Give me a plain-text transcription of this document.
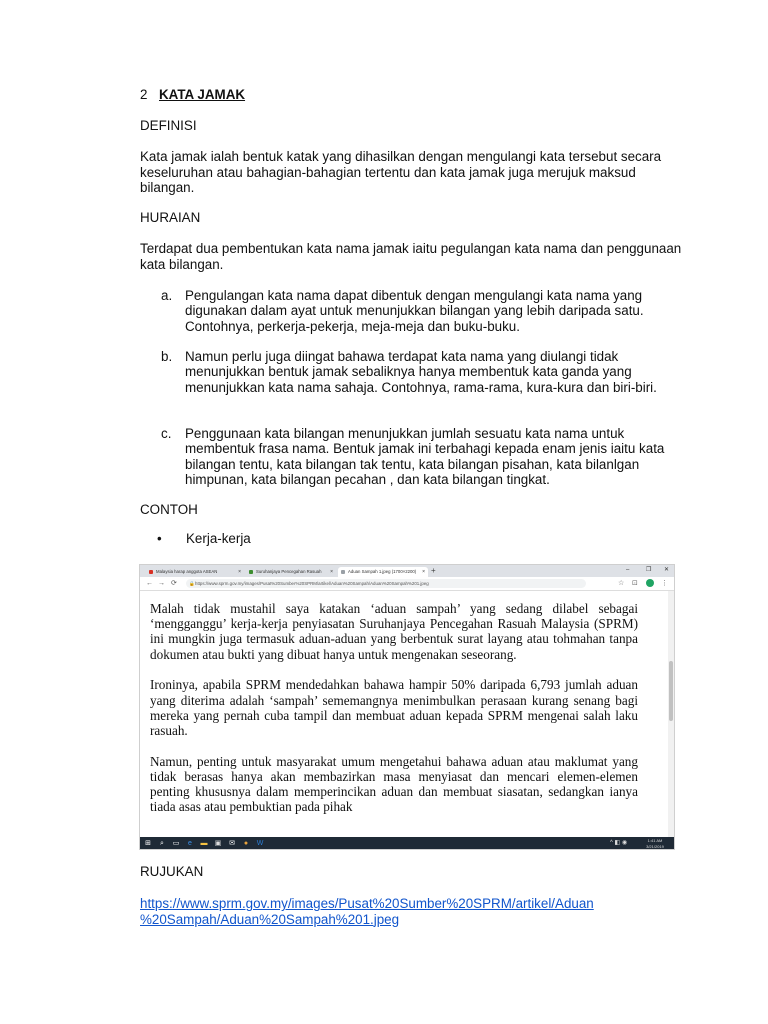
2 KATA JAMAK
DEFINISI
Kata jamak ialah bentuk katak yang dihasilkan dengan mengulangi kata tersebut secara keseluruhan atau bahagian-bahagian tertentu dan kata jamak juga merujuk maksud bilangan.
HURAIAN
Terdapat dua pembentukan kata nama jamak iaitu pegulangan kata nama dan penggunaan kata bilangan.
a. Pengulangan kata nama dapat dibentuk dengan mengulangi kata nama yang digunakan dalam ayat untuk menunjukkan bilangan yang lebih daripada satu. Contohnya, perkerja-pekerja, meja-meja dan buku-buku.
b. Namun perlu juga diingat bahawa terdapat kata nama yang diulangi tidak menunjukkan bentuk jamak sebaliknya hanya membentuk kata ganda yang menunjukkan kata nama sahaja. Contohnya, rama-rama, kura-kura dan biri-biri.
c. Penggunaan kata bilangan menunjukkan jumlah sesuatu kata nama untuk membentuk frasa nama. Bentuk jamak ini terbahagi kepada enam jenis iaitu kata bilangan tentu, kata bilangan tak tentu, kata bilangan pisahan, kata bilanlgan himpunan, kata bilangan pecahan , dan kata bilangan tingkat.
CONTOH
• Kerja-kerja
Malaysia harap anggota ASEAN	×	Suruhanjaya Pencegahan Rasuah ×	Aduan Sampah 1.jpeg (1700×2200) × +	–	❐ ✕
← → ⟳	🔒 https://www.sprm.gov.my/images/Pusat%20Sumber%20SPRM/artikel/Aduan%20Sampah/Aduan%20Sampah%201.jpeg	☆ ⊡	⋮

Malah tidak mustahil saya katakan ‘aduan sampah’ yang sedang dilabel sebagai ‘mengganggu’ kerja-kerja penyiasatan Suruhanjaya Pencegahan Rasuah Malaysia (SPRM) ini mungkin juga termasuk aduan-aduan yang berbentuk surat layang atau tohmahan tanpa dokumen atau bukti yang dibuat hanya untuk mengenakan seseorang.

Ironinya, apabila SPRM mendedahkan bahawa hampir 50% daripada 6,793 jumlah aduan yang diterima adalah ‘sampah’ sememangnya menimbulkan perasaan kurang senang bagi mereka yang pernah cuba tampil dan membuat aduan kepada SPRM mengenai salah laku rasuah.

Namun, penting untuk masyarakat umum mengetahui bahawa aduan atau maklumat yang tidak berasas hanya akan membazirkan masa menyiasat dan mencari elemen-elemen penting khususnya dalam memperincikan aduan dan membuat siasatan, sedangkan ianya tiada asas atau pembuktian pada pihak

⊞ ⌕ ▭ e ▬ ▣ ✉ ● W	^ ◧ ◉	1:41 AM
3/21/2019
RUJUKAN
https://www.sprm.gov.my/images/Pusat%20Sumber%20SPRM/artikel/Aduan
%20Sampah/Aduan%20Sampah%201.jpeg
